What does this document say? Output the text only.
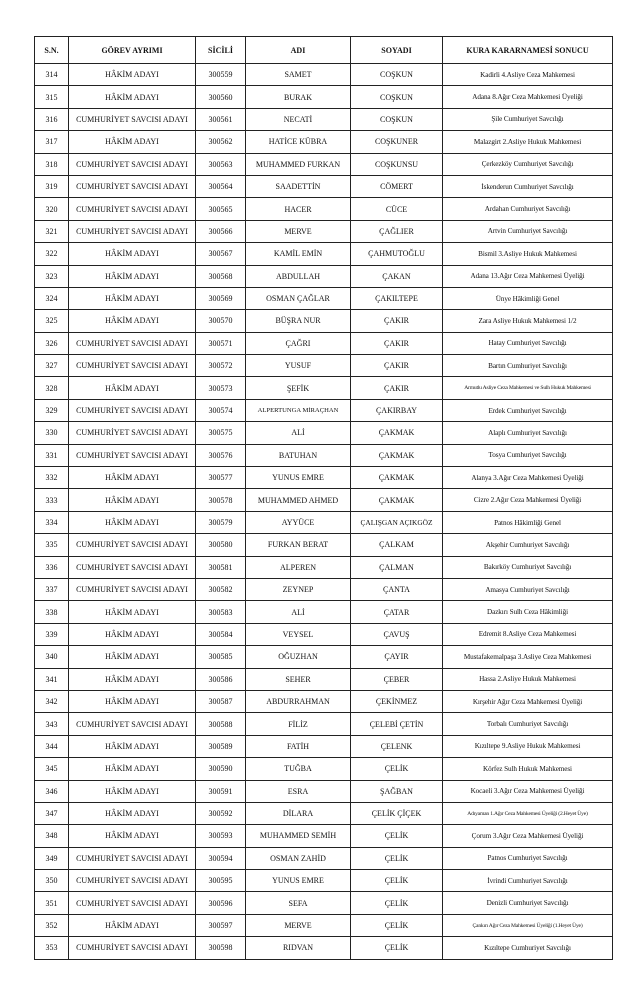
S.N.	GÖREV AYRIMI	SİCİLİ	ADI	SOYADI	KURA KARARNAMESİ SONUCU
314	HÂKİM ADAYI	300559	SAMET	COŞKUN	Kadirli 4.Asliye Ceza Mahkemesi
315	HÂKİM ADAYI	300560	BURAK	COŞKUN	Adana 8.Ağır Ceza Mahkemesi Üyeliği
316	CUMHURİYET SAVCISI ADAYI	300561	NECATİ	COŞKUN	Şile Cumhuriyet Savcılığı
317	HÂKİM ADAYI	300562	HATİCE KÜBRA	COŞKUNER	Malazgirt 2.Asliye Hukuk Mahkemesi
318	CUMHURİYET SAVCISI ADAYI	300563	MUHAMMED FURKAN	COŞKUNSU	Çerkezköy Cumhuriyet Savcılığı
319	CUMHURİYET SAVCISI ADAYI	300564	SAADETTİN	CÖMERT	İskenderun Cumhuriyet Savcılığı
320	CUMHURİYET SAVCISI ADAYI	300565	HACER	CÜCE	Ardahan Cumhuriyet Savcılığı
321	CUMHURİYET SAVCISI ADAYI	300566	MERVE	ÇAĞLIER	Artvin Cumhuriyet Savcılığı
322	HÂKİM ADAYI	300567	KAMİL EMİN	ÇAHMUTOĞLU	Bismil 3.Asliye Hukuk Mahkemesi
323	HÂKİM ADAYI	300568	ABDULLAH	ÇAKAN	Adana 13.Ağır Ceza Mahkemesi Üyeliği
324	HÂKİM ADAYI	300569	OSMAN ÇAĞLAR	ÇAKILTEPE	Ünye Hâkimliği Genel
325	HÂKİM ADAYI	300570	BÜŞRA NUR	ÇAKIR	Zara Asliye Hukuk Mahkemesi 1/2
326	CUMHURİYET SAVCISI ADAYI	300571	ÇAĞRI	ÇAKIR	Hatay Cumhuriyet Savcılığı
327	CUMHURİYET SAVCISI ADAYI	300572	YUSUF	ÇAKIR	Bartın Cumhuriyet Savcılığı
328	HÂKİM ADAYI	300573	ŞEFİK	ÇAKIR	Armutlu Asliye Ceza Mahkemesi ve Sulh Hukuk Mahkemesi
329	CUMHURİYET SAVCISI ADAYI	300574	ALPERTUNGA MİRAÇHAN	ÇAKIRBAY	Erdek Cumhuriyet Savcılığı
330	CUMHURİYET SAVCISI ADAYI	300575	ALİ	ÇAKMAK	Alaplı Cumhuriyet Savcılığı
331	CUMHURİYET SAVCISI ADAYI	300576	BATUHAN	ÇAKMAK	Tosya Cumhuriyet Savcılığı
332	HÂKİM ADAYI	300577	YUNUS EMRE	ÇAKMAK	Alanya 3.Ağır Ceza Mahkemesi Üyeliği
333	HÂKİM ADAYI	300578	MUHAMMED AHMED	ÇAKMAK	Cizre 2.Ağır Ceza Mahkemesi Üyeliği
334	HÂKİM ADAYI	300579	AYYÜCE	ÇALIŞGAN AÇIKGÖZ	Patnos Hâkimliği Genel
335	CUMHURİYET SAVCISI ADAYI	300580	FURKAN BERAT	ÇALKAM	Akşehir Cumhuriyet Savcılığı
336	CUMHURİYET SAVCISI ADAYI	300581	ALPEREN	ÇALMAN	Bakırköy Cumhuriyet Savcılığı
337	CUMHURİYET SAVCISI ADAYI	300582	ZEYNEP	ÇANTA	Amasya Cumhuriyet Savcılığı
338	HÂKİM ADAYI	300583	ALİ	ÇATAR	Dazkırı Sulh Ceza Hâkimliği
339	HÂKİM ADAYI	300584	VEYSEL	ÇAVUŞ	Edremit 8.Asliye Ceza Mahkemesi
340	HÂKİM ADAYI	300585	OĞUZHAN	ÇAYIR	Mustafakemalpaşa 3.Asliye Ceza Mahkemesi
341	HÂKİM ADAYI	300586	SEHER	ÇEBER	Hassa 2.Asliye Hukuk Mahkemesi
342	HÂKİM ADAYI	300587	ABDURRAHMAN	ÇEKİNMEZ	Kırşehir Ağır Ceza Mahkemesi Üyeliği
343	CUMHURİYET SAVCISI ADAYI	300588	FİLİZ	ÇELEBİ ÇETİN	Torbalı Cumhuriyet Savcılığı
344	HÂKİM ADAYI	300589	FATİH	ÇELENK	Kızıltepe 9.Asliye Hukuk Mahkemesi
345	HÂKİM ADAYI	300590	TUĞBA	ÇELİK	Körfez Sulh Hukuk Mahkemesi
346	HÂKİM ADAYI	300591	ESRA	ŞAĞBAN	Kocaeli 3.Ağır Ceza Mahkemesi Üyeliği
347	HÂKİM ADAYI	300592	DİLARA	ÇELİK ÇİÇEK	Adıyaman 1.Ağır Ceza Mahkemesi Üyeliği (2.Heyet Üye)
348	HÂKİM ADAYI	300593	MUHAMMED SEMİH	ÇELİK	Çorum 3.Ağır Ceza Mahkemesi Üyeliği
349	CUMHURİYET SAVCISI ADAYI	300594	OSMAN ZAHİD	ÇELİK	Patnos Cumhuriyet Savcılığı
350	CUMHURİYET SAVCISI ADAYI	300595	YUNUS EMRE	ÇELİK	İvrindi Cumhuriyet Savcılığı
351	CUMHURİYET SAVCISI ADAYI	300596	SEFA	ÇELİK	Denizli Cumhuriyet Savcılığı
352	HÂKİM ADAYI	300597	MERVE	ÇELİK	Çankırı Ağır Ceza Mahkemesi Üyeliği (1.Heyet Üye)
353	CUMHURİYET SAVCISI ADAYI	300598	RIDVAN	ÇELİK	Kızıltepe Cumhuriyet Savcılığı
